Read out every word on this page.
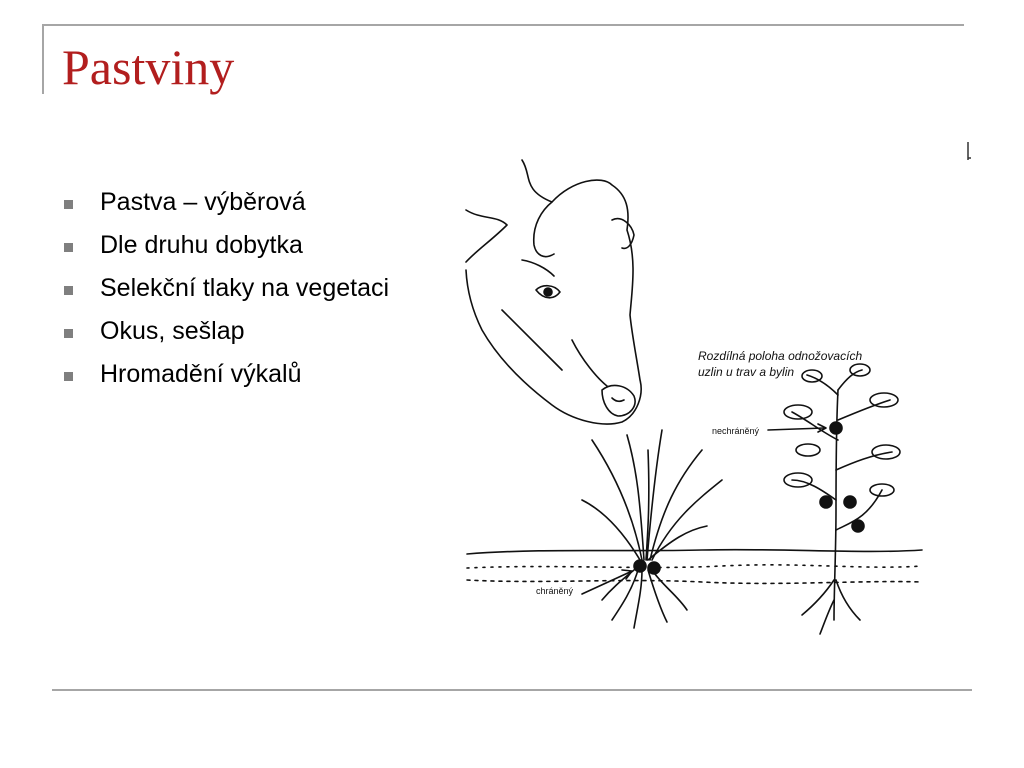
Pastviny
Pastva – výběrová
Dle druhu dobytka
Selekční tlaky na vegetaci
Okus, sešlap
Hromadění výkalů
Rozdílná poloha odnožovacích
uzlin u trav a bylin
nechráněný
chráněný
